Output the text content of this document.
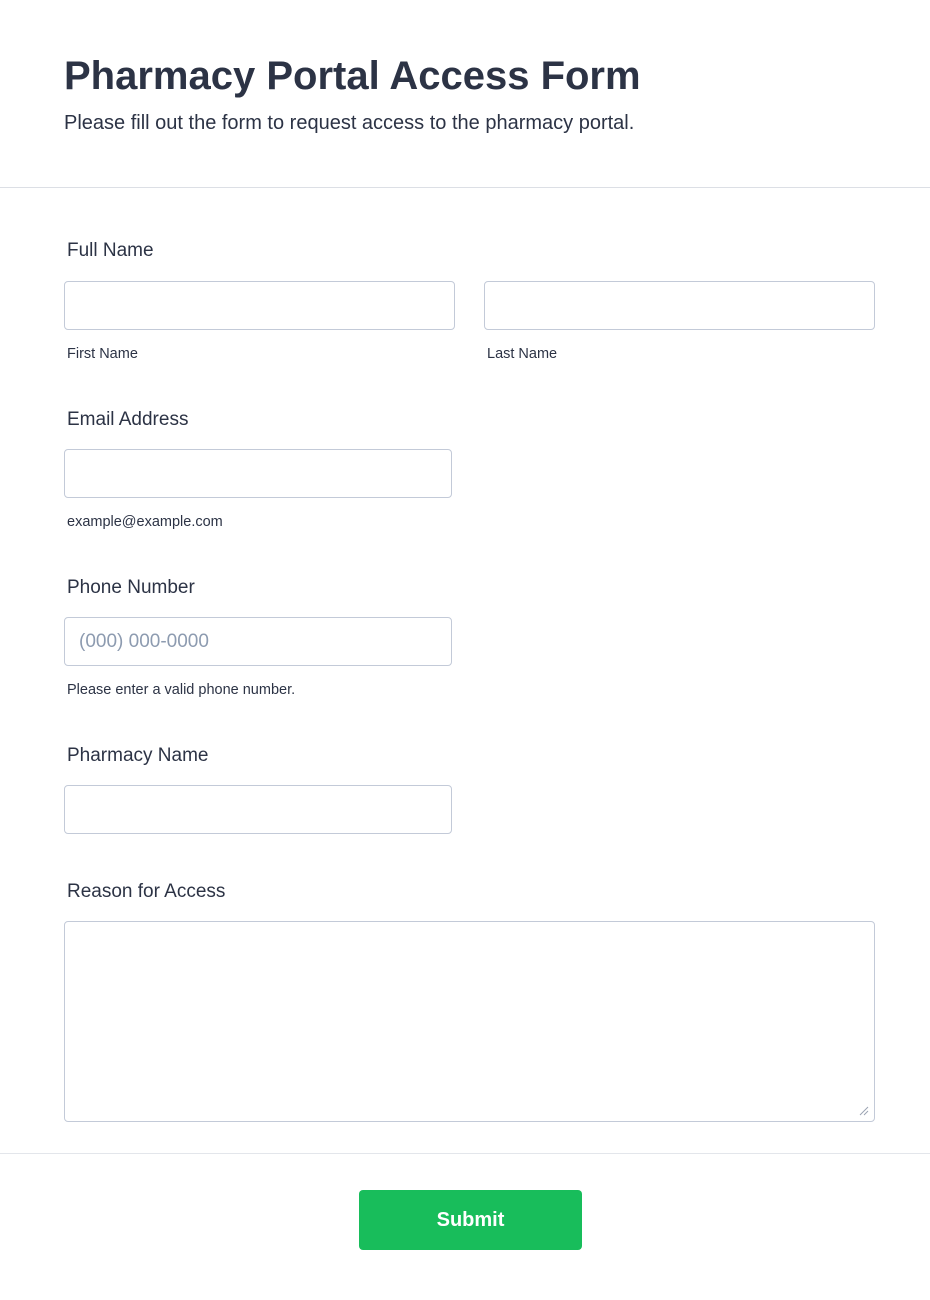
Pharmacy Portal Access Form

Please fill out the form to request access to the pharmacy portal.

Full Name
First Name	Last Name
Email Address
example@example.com
Phone Number
(000) 000-0000
Please enter a valid phone number.
Pharmacy Name
Reason for Access
Submit
